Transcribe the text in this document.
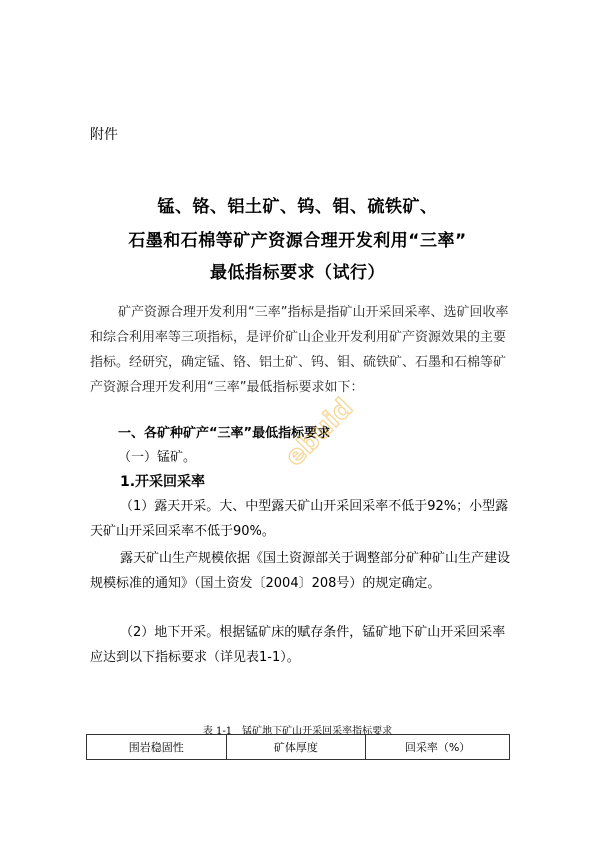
附件
锰、铬、铝土矿、钨、钼、硫铁矿、
石墨和石棉等矿产资源合理开发利用“三率”
最低指标要求（试行）
矿产资源合理开发利用“三率”指标是指矿山开采回采率、选矿回收率和综合利用率等三项指标，是评价矿山企业开发利用矿产资源效果的主要指标。经研究，确定锰、铬、铝土矿、钨、钼、硫铁矿、石墨和石棉等矿产资源合理开发利用“三率”最低指标要求如下：
一、各矿种矿产“三率”最低指标要求
（一）锰矿。
1.开采回采率
（1）露天开采。大、中型露天矿山开采回采率不低于92%；小型露天矿山开采回采率不低于90%。
露天矿山生产规模依据《国土资源部关于调整部分矿种矿山生产建设规模标准的通知》（国土资发〔2004〕208号）的规定确定。
（2）地下开采。根据锰矿床的赋存条件，锰矿地下矿山开采回采率应达到以下指标要求（详见表1-1）。
表 1-1　锰矿地下矿山开采回采率指标要求
围岩稳固性	矿体厚度	回采率（%）
ebuid
